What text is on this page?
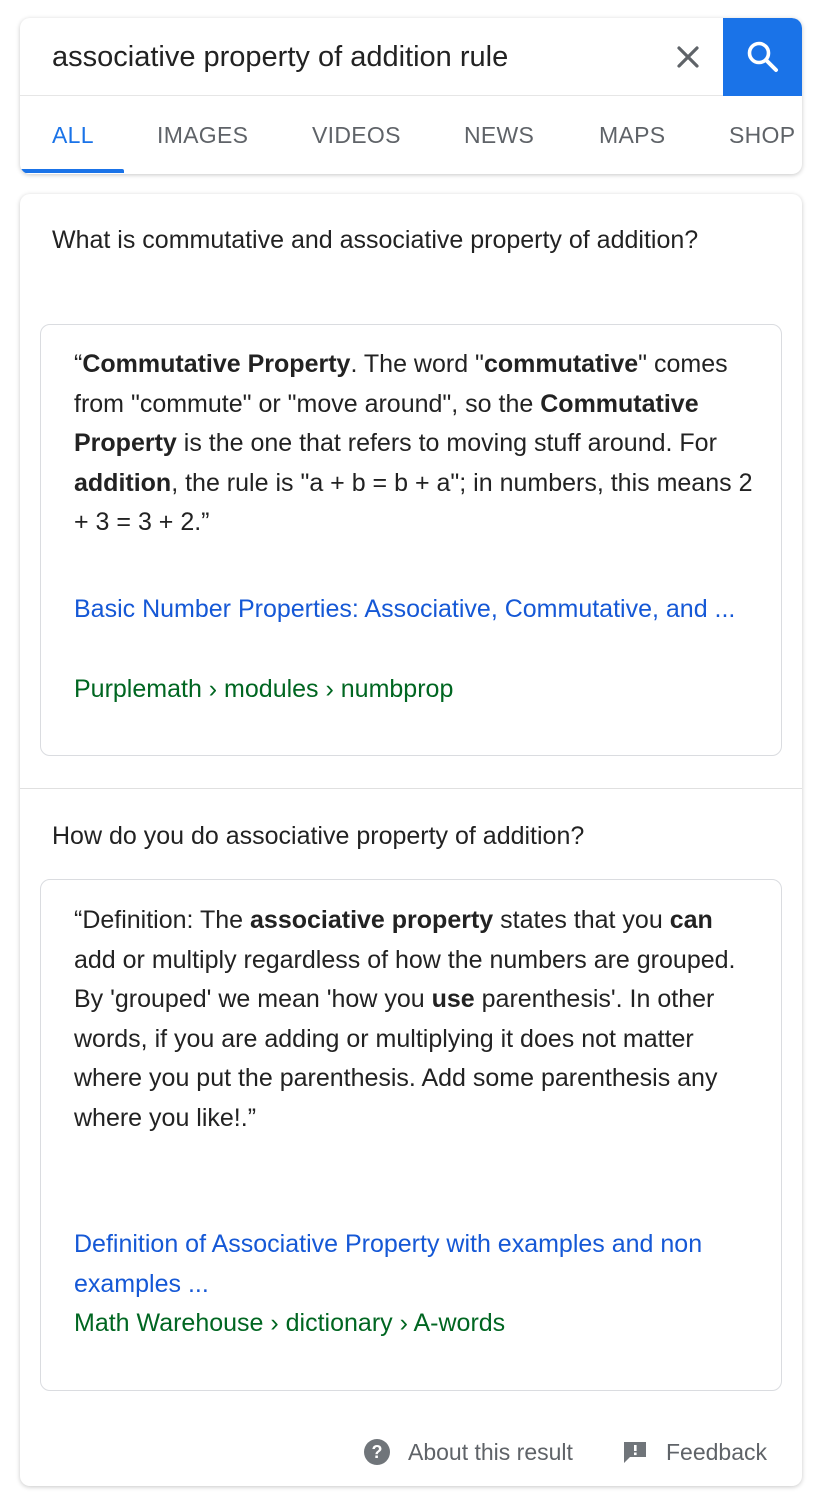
associative property of addition rule
ALL	IMAGES	VIDEOS	NEWS	MAPS	SHOP
What is commutative and associative property of addition?
“Commutative Property. The word "commutative" comes from "commute" or "move around", so the Commutative Property is the one that refers to moving stuff around. For addition, the rule is "a + b = b + a"; in numbers, this means 2 + 3 = 3 + 2.”
Basic Number Properties: Associative, Commutative, and ...
Purplemath › modules › numbprop
How do you do associative property of addition?
“Definition: The associative property states that you can add or multiply regardless of how the numbers are grouped. By 'grouped' we mean 'how you use parenthesis'. In other words, if you are adding or multiplying it does not matter where you put the parenthesis. Add some parenthesis any where you like!.”
Definition of Associative Property with examples and non examples ...
Math Warehouse › dictionary › A-words
?	About this result	Feedback
